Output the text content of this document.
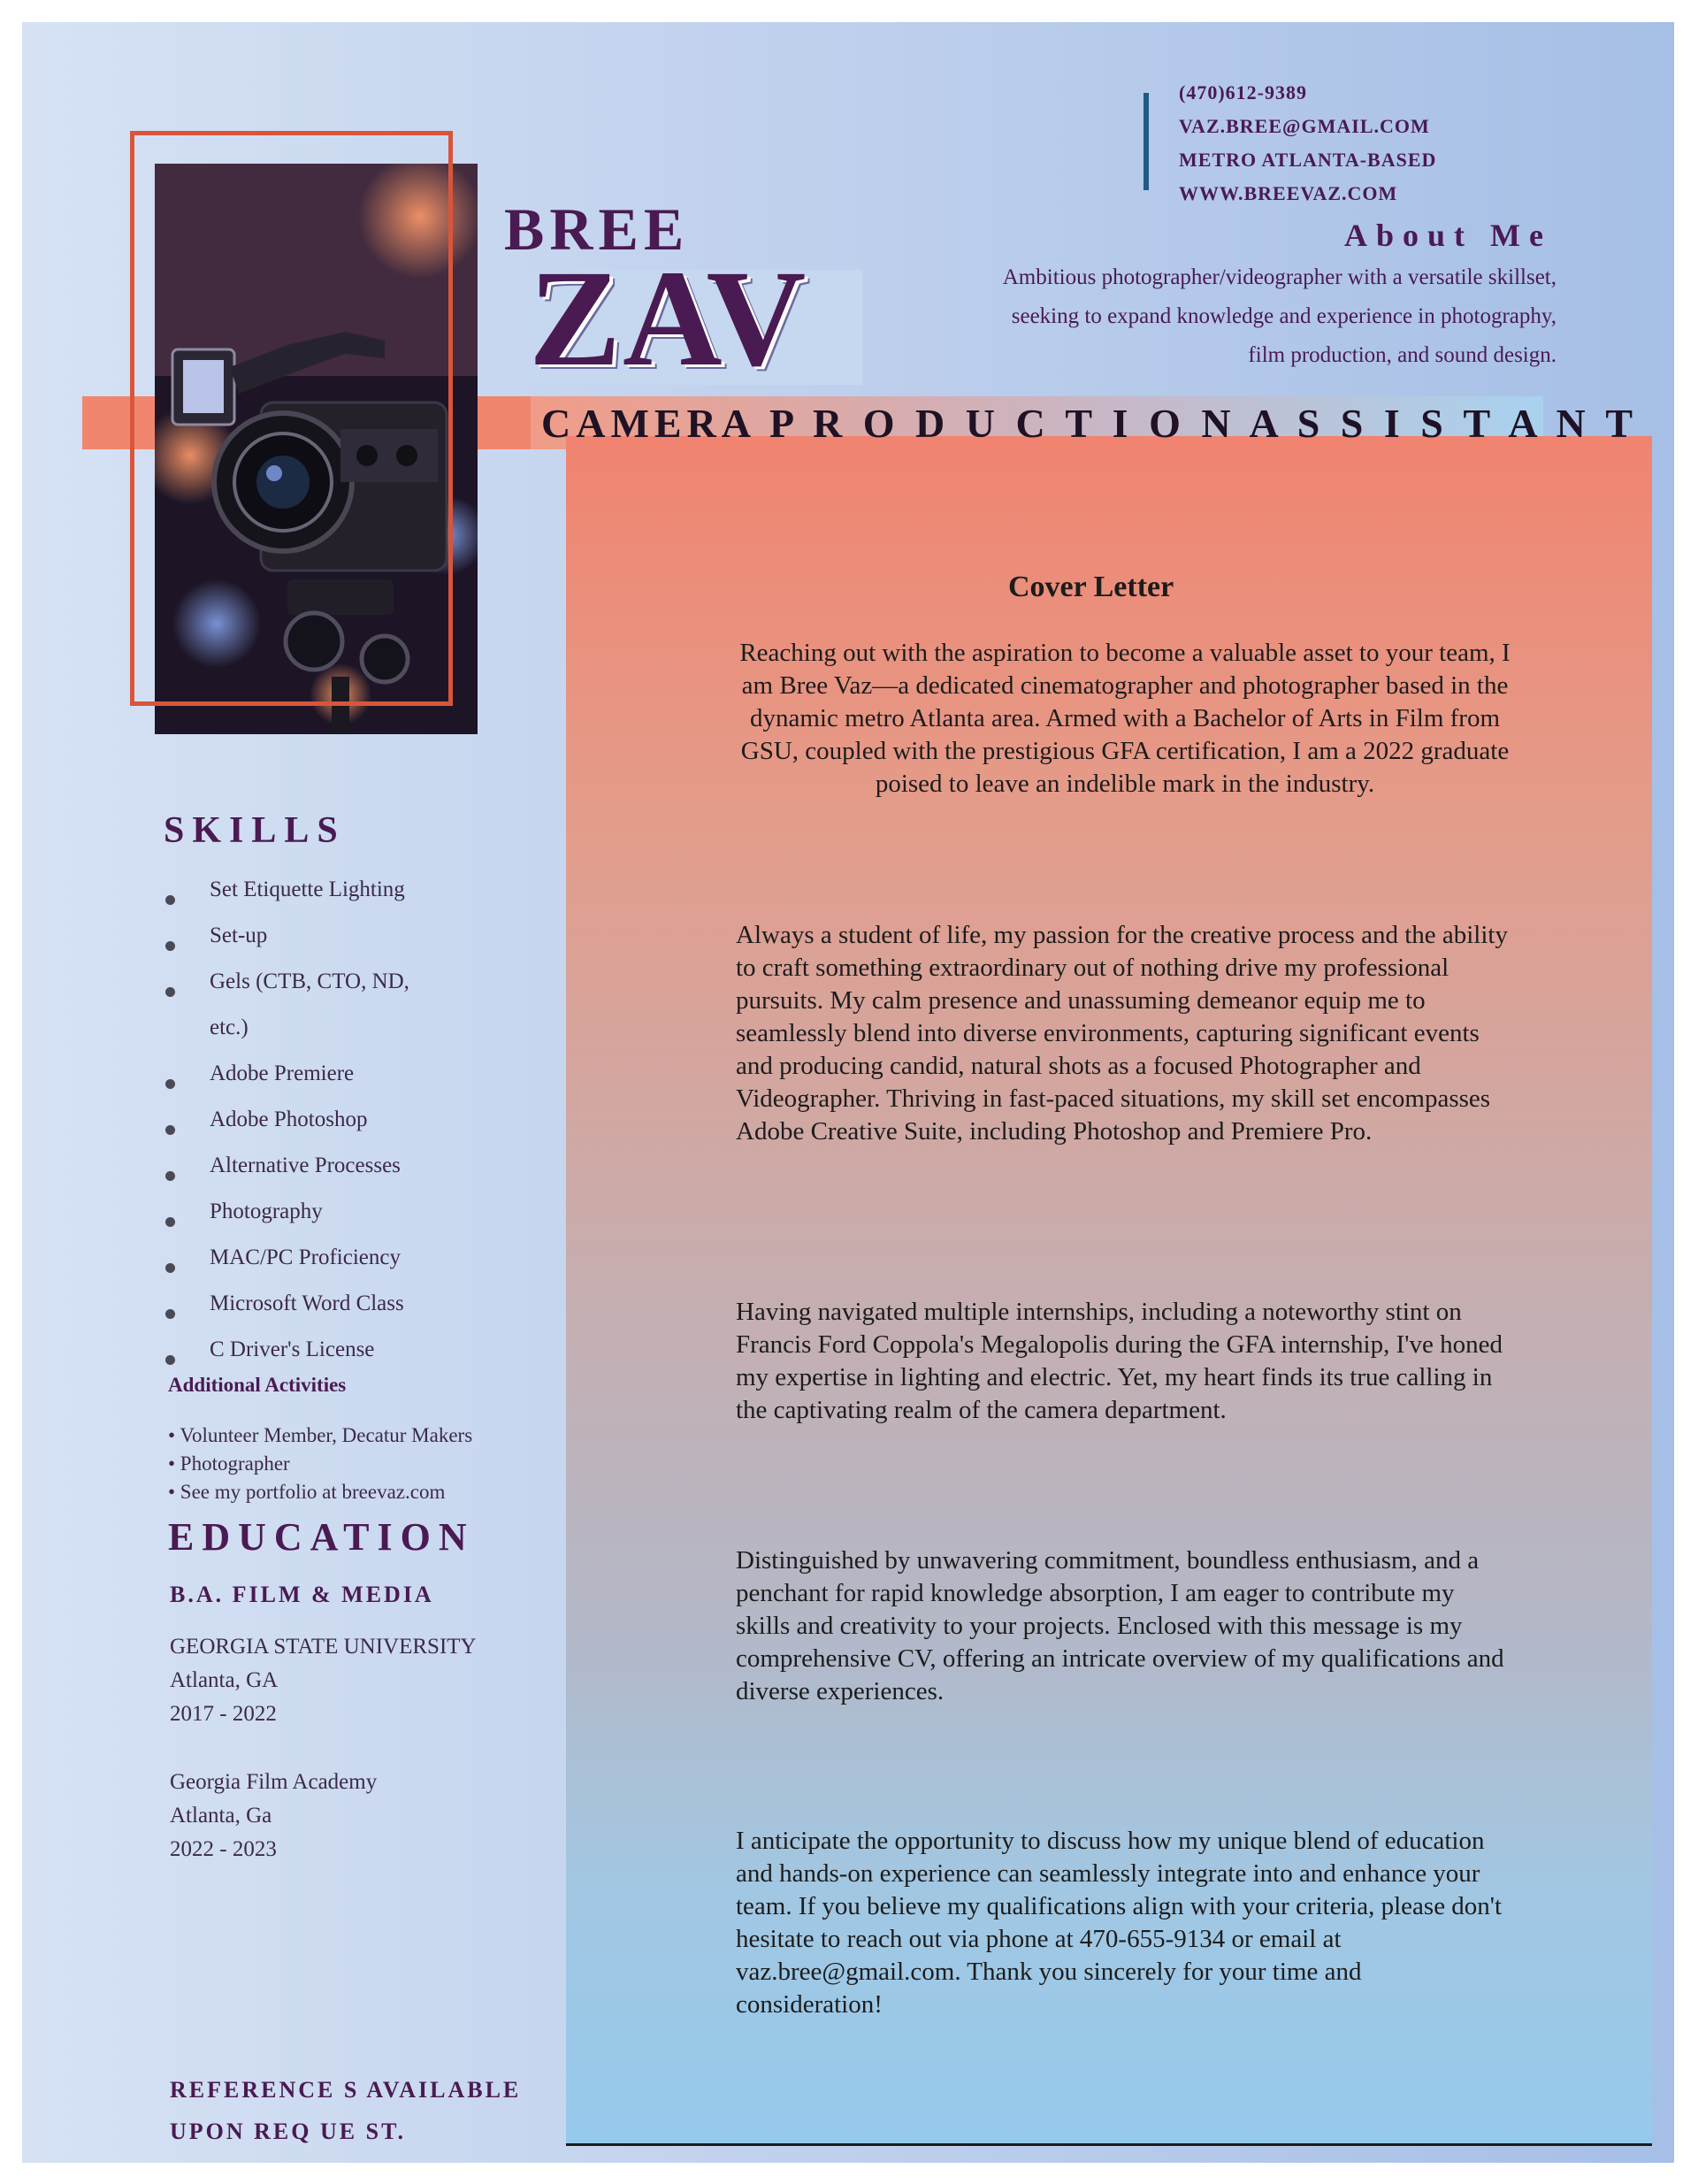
(470)612-9389
VAZ.BREE@GMAIL.COM
METRO ATLANTA-BASED
WWW.BREEVAZ.COM
About Me
Ambitious photographer/videographer with a versatile skillset, seeking to expand knowledge and experience in photography, film production, and sound design.
CAMERA P R O D U C T I O N A S S I S T A N T
BREE
ZAV
Cover Letter
Reaching out with the aspiration to become a valuable asset to your team, I am Bree Vaz—a dedicated cinematographer and photographer based in the dynamic metro Atlanta area. Armed with a Bachelor of Arts in Film from GSU, coupled with the prestigious GFA certification, I am a 2022 graduate poised to leave an indelible mark in the industry.
Always a student of life, my passion for the creative process and the ability to craft something extraordinary out of nothing drive my professional pursuits. My calm presence and unassuming demeanor equip me to seamlessly blend into diverse environments, capturing significant events and producing candid, natural shots as a focused Photographer and Videographer. Thriving in fast-paced situations, my skill set encompasses Adobe Creative Suite, including Photoshop and Premiere Pro.
Having navigated multiple internships, including a noteworthy stint on Francis Ford Coppola's Megalopolis during the GFA internship, I've honed my expertise in lighting and electric. Yet, my heart finds its true calling in the captivating realm of the camera department.
Distinguished by unwavering commitment, boundless enthusiasm, and a penchant for rapid knowledge absorption, I am eager to contribute my skills and creativity to your projects. Enclosed with this message is my comprehensive CV, offering an intricate overview of my qualifications and diverse experiences.
I anticipate the opportunity to discuss how my unique blend of education and hands-on experience can seamlessly integrate into and enhance your team. If you believe my qualifications align with your criteria, please don't hesitate to reach out via phone at 470-655-9134 or email at vaz.bree@gmail.com. Thank you sincerely for your time and consideration!
SKILLS
Set Etiquette Lighting
Set-up
Gels (CTB, CTO, ND,
etc.)
Adobe Premiere
Adobe Photoshop
Alternative Processes
Photography
MAC/PC Proficiency
Microsoft Word Class
C Driver's License
Additional Activities
• Volunteer Member, Decatur Makers
• Photographer
• See my portfolio at breevaz.com
EDUCATION
B.A. FILM & MEDIA
GEORGIA STATE UNIVERSITY
Atlanta, GA
2017 - 2022
Georgia Film Academy
Atlanta, Ga
2022 - 2023
REFERENCE S AVAILABLE
UPON REQ UE ST.
